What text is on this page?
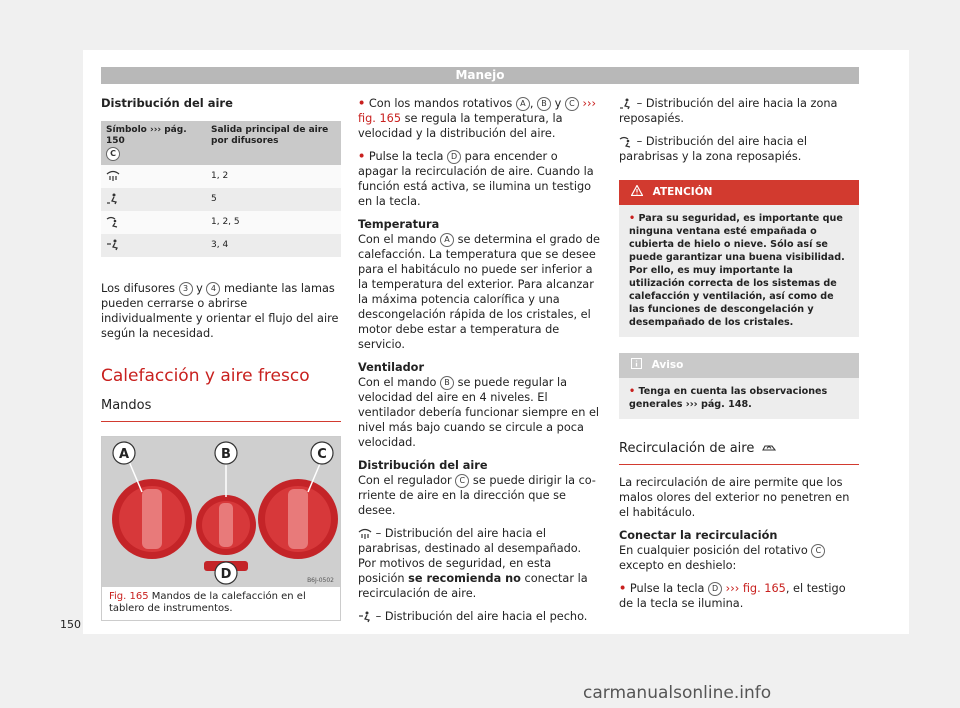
Manejo
Distribución del aire
Símbolo ››› pág. 150
C	Salida principal de aire por difusores
	1, 2
	5
	1, 2, 5
	3, 4

Los difusores 3 y 4 mediante las lamas pueden cerrarse o abrirse individualmente y orientar el flujo del aire según la necesidad.

Calefacción y aire fresco
Mandos
A	B	C
D	B6J-0502
Fig. 165 Mandos de la calefacción en el tablero de instrumentos.

• Con los mandos rotativos A , B y C ››› fig. 165 se regula la temperatura, la velocidad y la distribución del aire.

• Pulse la tecla D para encender o apagar la recirculación de aire. Cuando la función está activa, se ilumina un testigo en la tecla.

Temperatura

Con el mando A se determina el grado de calefacción. La temperatura que se desee para el habitáculo no puede ser inferior a la temperatura del exterior. Para alcanzar la máxima potencia calorífica y una descongelación rápida de los cristales, el motor debe estar a temperatura de servicio.

Ventilador

Con el mando B se puede regular la velocidad del aire en 4 niveles. El ventilador debería funcionar siempre en el nivel más bajo cuando se circule a poca velocidad.

Distribución del aire

Con el regulador C se puede dirigir la corriente de aire en la dirección que se desee.

– Distribución del aire hacia el parabrisas, destinado al desempañado. Por motivos de seguridad, en esta posición se recomienda no conectar la recirculación de aire.

– Distribución del aire hacia el pecho.

– Distribución del aire hacia la zona reposapiés.

– Distribución del aire hacia el parabrisas y la zona reposapiés.

ATENCIÓN
• Para su seguridad, es importante que ninguna ventana esté empañada o cubierta de hielo o nieve. Sólo así se puede garantizar una buena visibilidad. Por ello, es muy importante la utilización correcta de los sistemas de calefacción y ventilación, así como de las funciones de descongelación y desempañado de los cristales.
Aviso
• Tenga en cuenta las observaciones generales ››› pág. 148.
Recirculación de aire

La recirculación de aire permite que los malos olores del exterior no penetren en el habitáculo.

Conectar la recirculación

En cualquier posición del rotativo C excepto en deshielo:

• Pulse la tecla D ››› fig. 165, el testigo de la tecla se ilumina.

150
carmanualsonline.info
